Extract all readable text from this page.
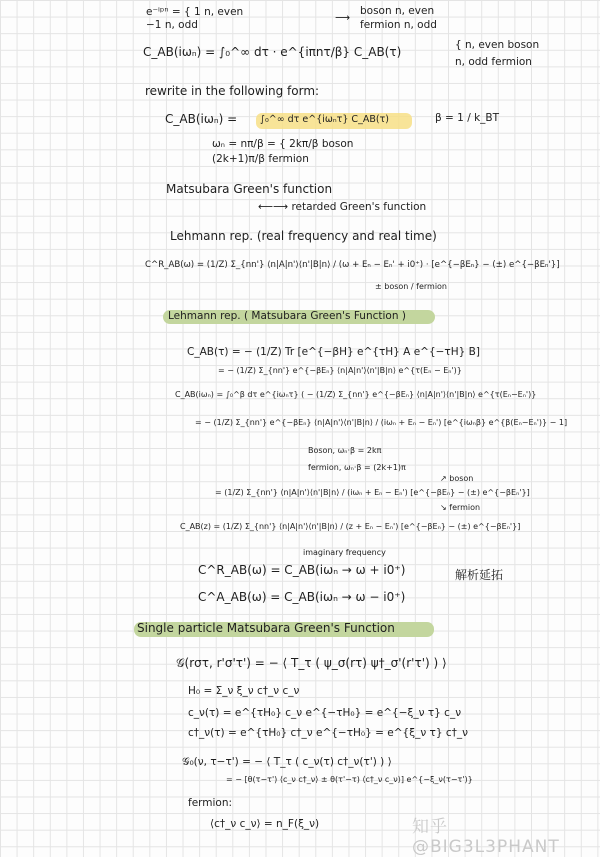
e⁻ⁱᵖⁿ = { 1 n, even
−1 n, odd
⟶
boson n, even
fermion n, odd
C_AB(iωₙ) = ∫₀^∞ dτ · e^{iπnτ/β} C_AB(τ)	{ n, even boson
n, odd fermion
rewrite in the following form:
C_AB(iωₙ) = ∫₀^∞ dτ e^{iωₙτ} C_AB(τ)	β = 1 / k_BT
ωₙ = nπ/β = { 2kπ/β boson
(2k+1)π/β fermion
Matsubara Green's function
⟵⟶ retarded Green's function
Lehmann rep. (real frequency and real time)
C^R_AB(ω) = (1/Z) Σ_{nn'} ⟨n|A|n'⟩⟨n'|B|n⟩ / (ω + Eₙ − Eₙ' + i0⁺) · [e^{−βEₙ} − (±) e^{−βEₙ'}]
± boson / fermion
Lehmann rep. ( Matsubara Green's Function )
C_AB(τ) = − (1/Z) Tr [e^{−βH} e^{τH} A e^{−τH} B]
= − (1/Z) Σ_{nn'} e^{−βEₙ} ⟨n|A|n'⟩⟨n'|B|n⟩ e^{τ(Eₙ − Eₙ')}
C_AB(iωₙ) = ∫₀^β dτ e^{iωₙτ} ( − (1/Z) Σ_{nn'} e^{−βEₙ} ⟨n|A|n'⟩⟨n'|B|n⟩ e^{τ(Eₙ−Eₙ')}
= − (1/Z) Σ_{nn'} e^{−βEₙ} ⟨n|A|n'⟩⟨n'|B|n⟩ / (iωₙ + Eₙ − Eₙ') [e^{iωₙβ} e^{β(Eₙ−Eₙ')} − 1]
Boson, ωₙ·β = 2kπ
fermion, ωₙ·β = (2k+1)π
= (1/Z) Σ_{nn'} ⟨n|A|n'⟩⟨n'|B|n⟩ / (iωₙ + Eₙ − Eₙ') [e^{−βEₙ} − (±) e^{−βEₙ'}]
↗ boson
↘ fermion
C_AB(z) = (1/Z) Σ_{nn'} ⟨n|A|n'⟩⟨n'|B|n⟩ / (z + Eₙ − Eₙ') [e^{−βEₙ} − (±) e^{−βEₙ'}]
imaginary frequency
C^R_AB(ω) = C_AB(iωₙ → ω + i0⁺)	解析延拓
C^A_AB(ω) = C_AB(iωₙ → ω − i0⁺)
Single particle Matsubara Green's Function
𝒢(rστ, r'σ'τ') = − ⟨ T_τ ( ψ_σ(rτ) ψ†_σ'(r'τ') ) ⟩
H₀ = Σ_ν ξ_ν c†_ν c_ν
c_ν(τ) = e^{τH₀} c_ν e^{−τH₀} = e^{−ξ_ν τ} c_ν
c†_ν(τ) = e^{τH₀} c†_ν e^{−τH₀} = e^{ξ_ν τ} c†_ν
𝒢₀(ν, τ−τ') = − ⟨ T_τ ( c_ν(τ) c†_ν(τ') ) ⟩
= − [θ(τ−τ') ⟨c_ν c†_ν⟩ ± θ(τ'−τ) ⟨c†_ν c_ν⟩] e^{−ξ_ν(τ−τ')}
fermion:
⟨c†_ν c_ν⟩ = n_F(ξ_ν)	知乎 @BIG3L3PHANT
